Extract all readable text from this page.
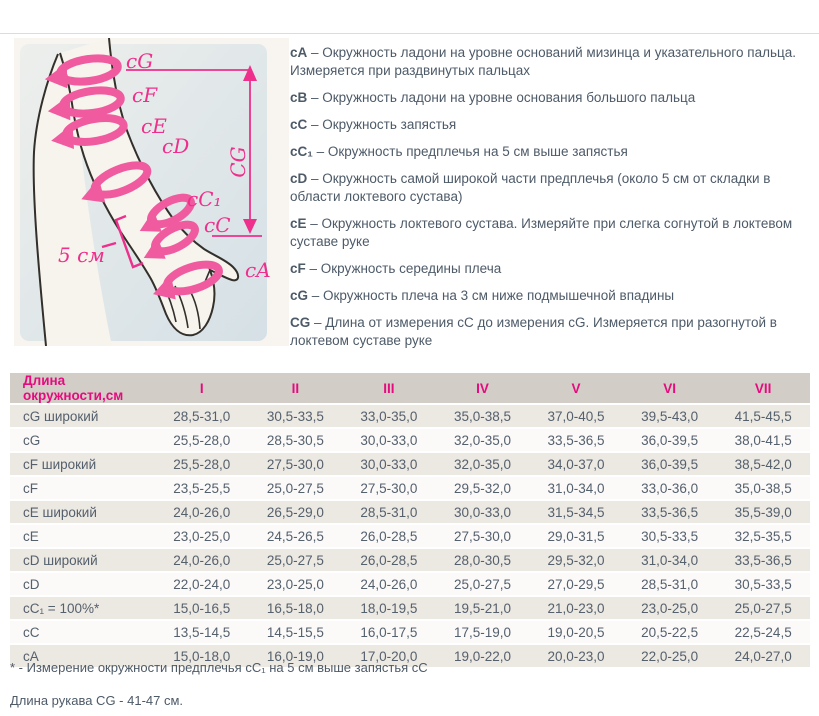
CG
cG
cF
cE
cD
cC₁
cC
cA
5 см

cA – Окружность ладони на уровне оснований мизинца и указательного пальца. Измеряется при раздвинутых пальцах

cB – Окружность ладони на уровне основания большого пальца

cC – Окружность запястья

cC₁ – Окружность предплечья на 5 см выше запястья

cD – Окружность самой широкой части предплечья (около 5 см от складки в области локтевого сустава)

cE – Окружность локтевого сустава. Измеряйте при слегка согнутой в локтевом суставе руке

cF – Окружность середины плеча

cG – Окружность плеча на 3 см ниже подмышечной впадины

CG – Длина от измерения cC до измерения cG. Измеряется при разогнутой в локтевом суставе руке

Длина окружности,см	I	II	III	IV	V	VI	VII
cG широкий	28,5-31,0	30,5-33,5	33,0-35,0	35,0-38,5	37,0-40,5	39,5-43,0	41,5-45,5
cG	25,5-28,0	28,5-30,5	30,0-33,0	32,0-35,0	33,5-36,5	36,0-39,5	38,0-41,5
cF широкий	25,5-28,0	27,5-30,0	30,0-33,0	32,0-35,0	34,0-37,0	36,0-39,5	38,5-42,0
cF	23,5-25,5	25,0-27,5	27,5-30,0	29,5-32,0	31,0-34,0	33,0-36,0	35,0-38,5
cE широкий	24,0-26,0	26,5-29,0	28,5-31,0	30,0-33,0	31,5-34,5	33,5-36,5	35,5-39,0
cE	23,0-25,0	24,5-26,5	26,0-28,5	27,5-30,0	29,0-31,5	30,5-33,5	32,5-35,5
cD широкий	24,0-26,0	25,0-27,5	26,0-28,5	28,0-30,5	29,5-32,0	31,0-34,0	33,5-36,5
cD	22,0-24,0	23,0-25,0	24,0-26,0	25,0-27,5	27,0-29,5	28,5-31,0	30,5-33,5
cC₁ = 100%*	15,0-16,5	16,5-18,0	18,0-19,5	19,5-21,0	21,0-23,0	23,0-25,0	25,0-27,5
cC	13,5-14,5	14,5-15,5	16,0-17,5	17,5-19,0	19,0-20,5	20,5-22,5	22,5-24,5
cA	15,0-18,0	16,0-19,0	17,0-20,0	19,0-22,0	20,0-23,0	22,0-25,0	24,0-27,0

* - Измерение окружности предплечья cC₁ на 5 см выше запястья cC

Длина рукава CG - 41-47 см.
